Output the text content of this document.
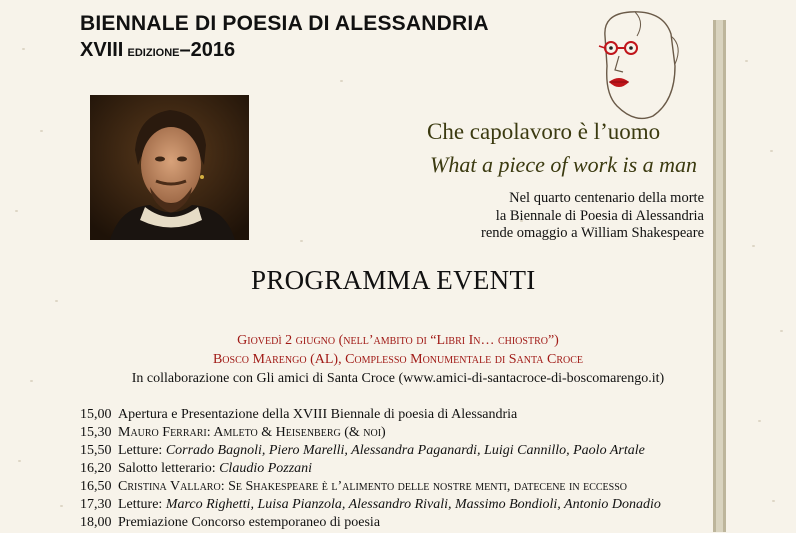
BIENNALE DI POESIA DI ALESSANDRIA
XVIII edizione–2016

Che capolavoro è l’uomo

What a piece of work is a man

Nel quarto centenario della morte
la Biennale di Poesia di Alessandria
rende omaggio a William Shakespeare
PROGRAMMA EVENTI
Giovedì 2 giugno (nell’ambito di “Libri In… chiostro”)
Bosco Marengo (AL), Complesso Monumentale di Santa Croce
In collaborazione con Gli amici di Santa Croce (www.amici-di-santacroce-di-boscomarengo.it)
15,00 Apertura e Presentazione della XVIII Biennale di poesia di Alessandria
15,30 Mauro Ferrari: Amleto & Heisenberg (& noi)
15,50 Letture: Corrado Bagnoli, Piero Marelli, Alessandra Paganardi, Luigi Cannillo, Paolo Artale
16,20 Salotto letterario: Claudio Pozzani
16,50 Cristina Vallaro: Se Shakespeare è l’alimento delle nostre menti, datecene in eccesso
17,30 Letture: Marco Righetti, Luisa Pianzola, Alessandro Rivali, Massimo Bondioli, Antonio Donadio
18,00 Premiazione Concorso estemporaneo di poesia
